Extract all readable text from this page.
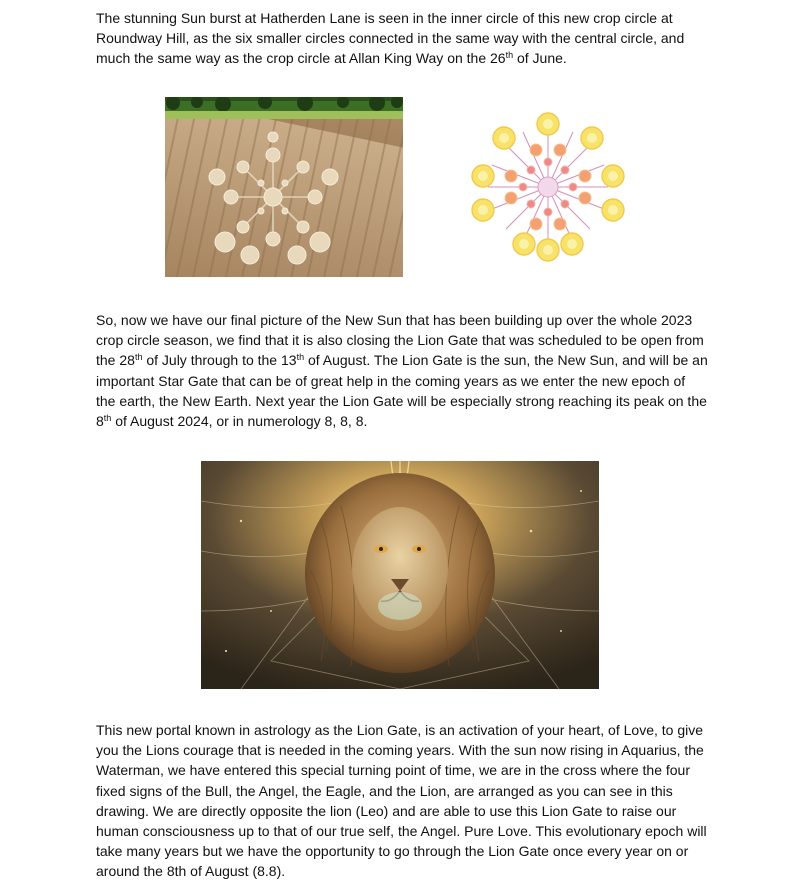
The stunning Sun burst at Hatherden Lane is seen in the inner circle of this new crop circle at Roundway Hill, as the six smaller circles connected in the same way with the central circle, and much the same way as the crop circle at Allan King Way on the 26th of June.

So, now we have our final picture of the New Sun that has been building up over the whole 2023 crop circle season, we find that it is also closing the Lion Gate that was scheduled to be open from the 28th of July through to the 13th of August. The Lion Gate is the sun, the New Sun, and will be an important Star Gate that can be of great help in the coming years as we enter the new epoch of the earth, the New Earth. Next year the Lion Gate will be especially strong reaching its peak on the 8th of August 2024, or in numerology 8, 8, 8.

This new portal known in astrology as the Lion Gate, is an activation of your heart, of Love, to give you the Lions courage that is needed in the coming years. With the sun now rising in Aquarius, the Waterman, we have entered this special turning point of time, we are in the cross where the four fixed signs of the Bull, the Angel, the Eagle, and the Lion, are arranged as you can see in this drawing. We are directly opposite the lion (Leo) and are able to use this Lion Gate to raise our human consciousness up to that of our true self, the Angel. Pure Love. This evolutionary epoch will take many years but we have the opportunity to go through the Lion Gate once every year on or around the 8th of August (8.8).
